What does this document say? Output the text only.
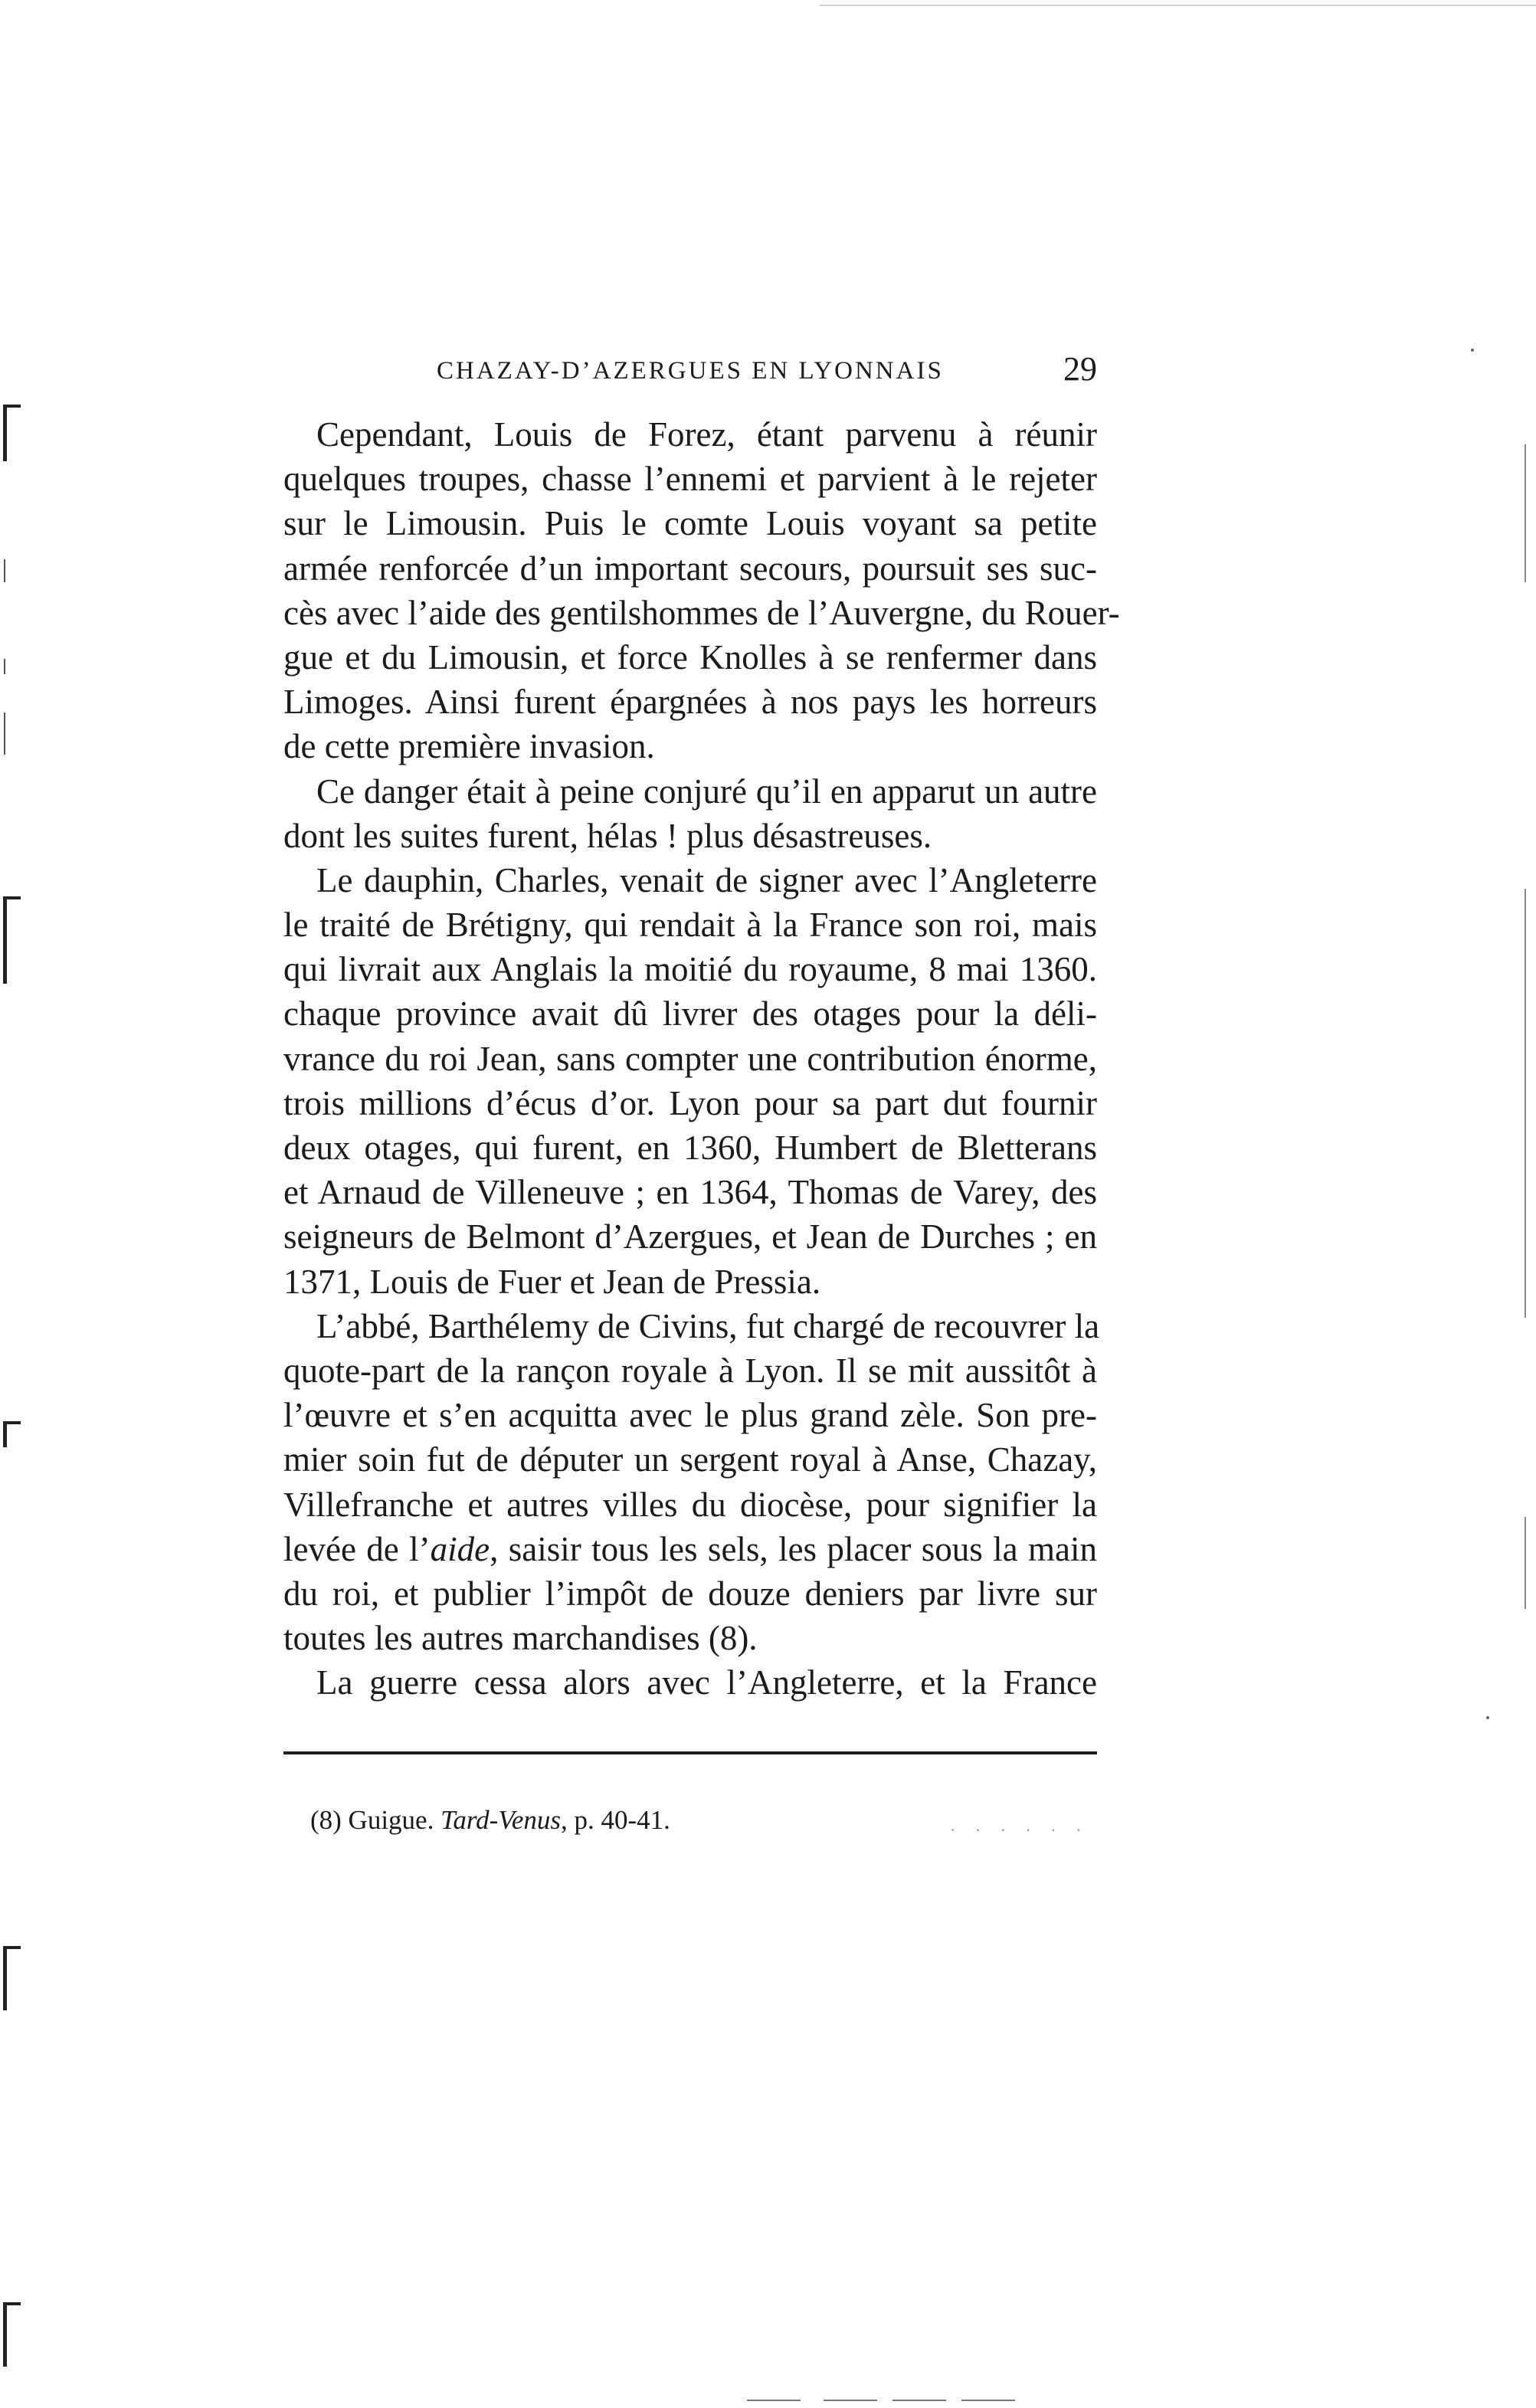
CHAZAY-D’AZERGUES EN LYONNAIS	29
Cependant, Louis de Forez, étant parvenu à réunir
quelques troupes, chasse l’ennemi et parvient à le rejeter
sur le Limousin. Puis le comte Louis voyant sa petite
armée renforcée d’un important secours, poursuit ses suc-
cès avec l’aide des gentilshommes de l’Auvergne, du Rouer-
gue et du Limousin, et force Knolles à se renfermer dans
Limoges. Ainsi furent épargnées à nos pays les horreurs
de cette première invasion.
Ce danger était à peine conjuré qu’il en apparut un autre
dont les suites furent, hélas ! plus désastreuses.
Le dauphin, Charles, venait de signer avec l’Angleterre
le traité de Brétigny, qui rendait à la France son roi, mais
qui livrait aux Anglais la moitié du royaume, 8 mai 1360.
chaque province avait dû livrer des otages pour la déli-
vrance du roi Jean, sans compter une contribution énorme,
trois millions d’écus d’or. Lyon pour sa part dut fournir
deux otages, qui furent, en 1360, Humbert de Bletterans
et Arnaud de Villeneuve ; en 1364, Thomas de Varey, des
seigneurs de Belmont d’Azergues, et Jean de Durches ; en
1371, Louis de Fuer et Jean de Pressia.
L’abbé, Barthélemy de Civins, fut chargé de recouvrer la
quote-part de la rançon royale à Lyon. Il se mit aussitôt à
l’œuvre et s’en acquitta avec le plus grand zèle. Son pre-
mier soin fut de députer un sergent royal à Anse, Chazay,
Villefranche et autres villes du diocèse, pour signifier la
levée de l’aide, saisir tous les sels, les placer sous la main
du roi, et publier l’impôt de douze deniers par livre sur
toutes les autres marchandises (8).
La guerre cessa alors avec l’Angleterre, et la France
(8) Guigue. Tard-Venus, p. 40-41.	· · · · · ·
